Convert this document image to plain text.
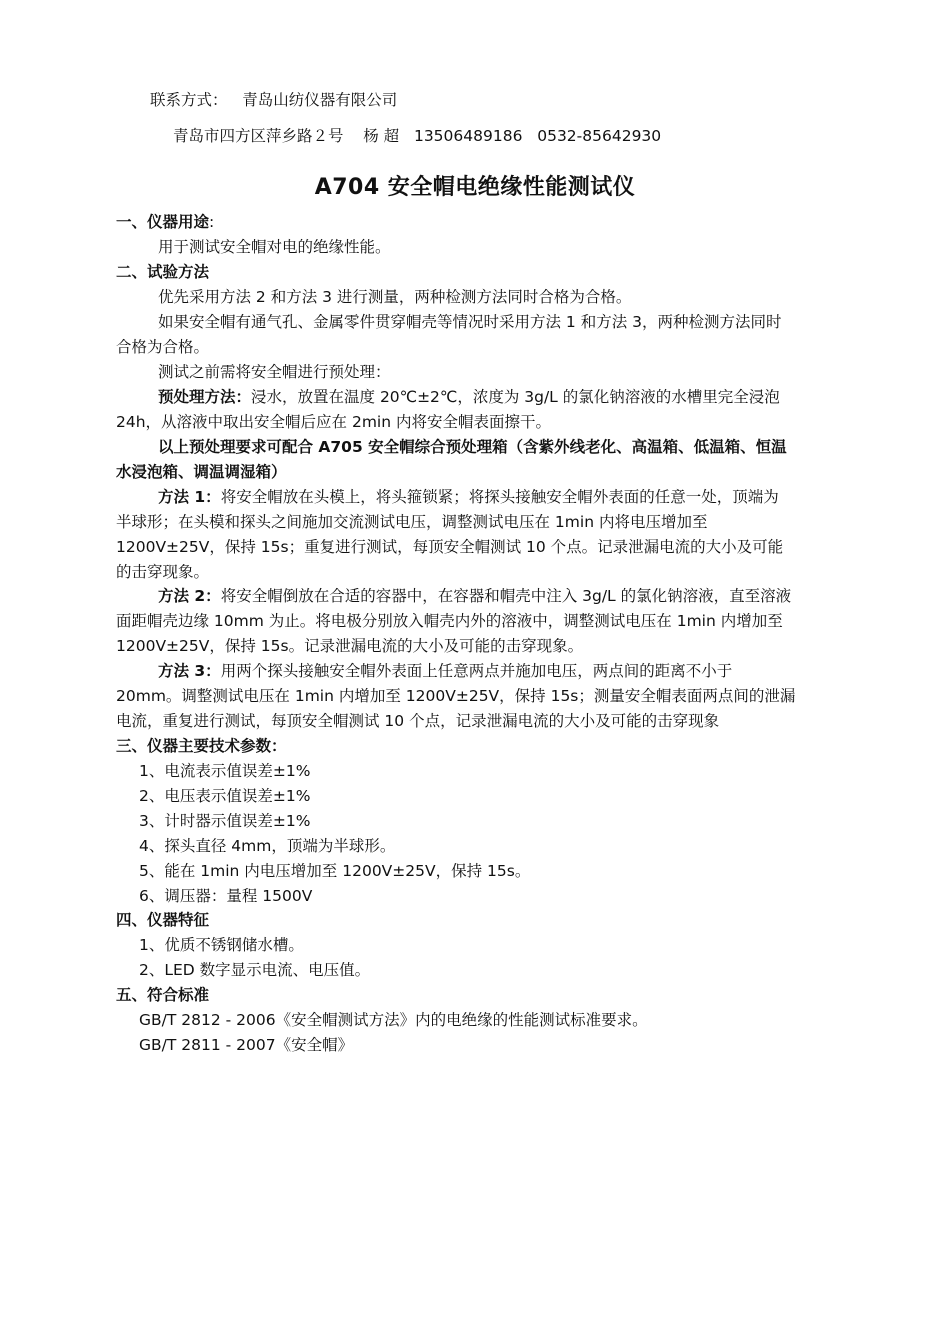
联系方式： 青岛山纺仪器有限公司
青岛市四方区萍乡路２号 杨 超 13506489186 0532-85642930
A704 安全帽电绝缘性能测试仪
一、仪器用途:
用于测试安全帽对电的绝缘性能。
二、试验方法
优先采用方法 2 和方法 3 进行测量，两种检测方法同时合格为合格。
如果安全帽有通气孔、金属零件贯穿帽壳等情况时采用方法 1 和方法 3，两种检测方法同时
合格为合格。
测试之前需将安全帽进行预处理：
预处理方法：浸水，放置在温度 20℃±2℃，浓度为 3g/L 的氯化钠溶液的水槽里完全浸泡
24h，从溶液中取出安全帽后应在 2min 内将安全帽表面擦干。
以上预处理要求可配合 A705 安全帽综合预处理箱（含紫外线老化、高温箱、低温箱、恒温
水浸泡箱、调温调湿箱）
方法 1：将安全帽放在头模上，将头箍锁紧；将探头接触安全帽外表面的任意一处，顶端为
半球形；在头模和探头之间施加交流测试电压，调整测试电压在 1min 内将电压增加至
1200V±25V，保持 15s；重复进行测试，每顶安全帽测试 10 个点。记录泄漏电流的大小及可能
的击穿现象。
方法 2：将安全帽倒放在合适的容器中，在容器和帽壳中注入 3g/L 的氯化钠溶液，直至溶液
面距帽壳边缘 10mm 为止。将电极分别放入帽壳内外的溶液中，调整测试电压在 1min 内增加至
1200V±25V，保持 15s。记录泄漏电流的大小及可能的击穿现象。
方法 3：用两个探头接触安全帽外表面上任意两点并施加电压，两点间的距离不小于
20mm。调整测试电压在 1min 内增加至 1200V±25V，保持 15s；测量安全帽表面两点间的泄漏
电流，重复进行测试，每顶安全帽测试 10 个点，记录泄漏电流的大小及可能的击穿现象
三、仪器主要技术参数：
1、电流表示值误差±1%
2、电压表示值误差±1%
3、计时器示值误差±1%
4、探头直径 4mm，顶端为半球形。
5、能在 1min 内电压增加至 1200V±25V，保持 15s。
6、调压器：量程 1500V
四、仪器特征
1、优质不锈钢储水槽。
2、LED 数字显示电流、电压值。
五、符合标准
GB/T 2812 - 2006《安全帽测试方法》内的电绝缘的性能测试标准要求。
GB/T 2811 - 2007《安全帽》
